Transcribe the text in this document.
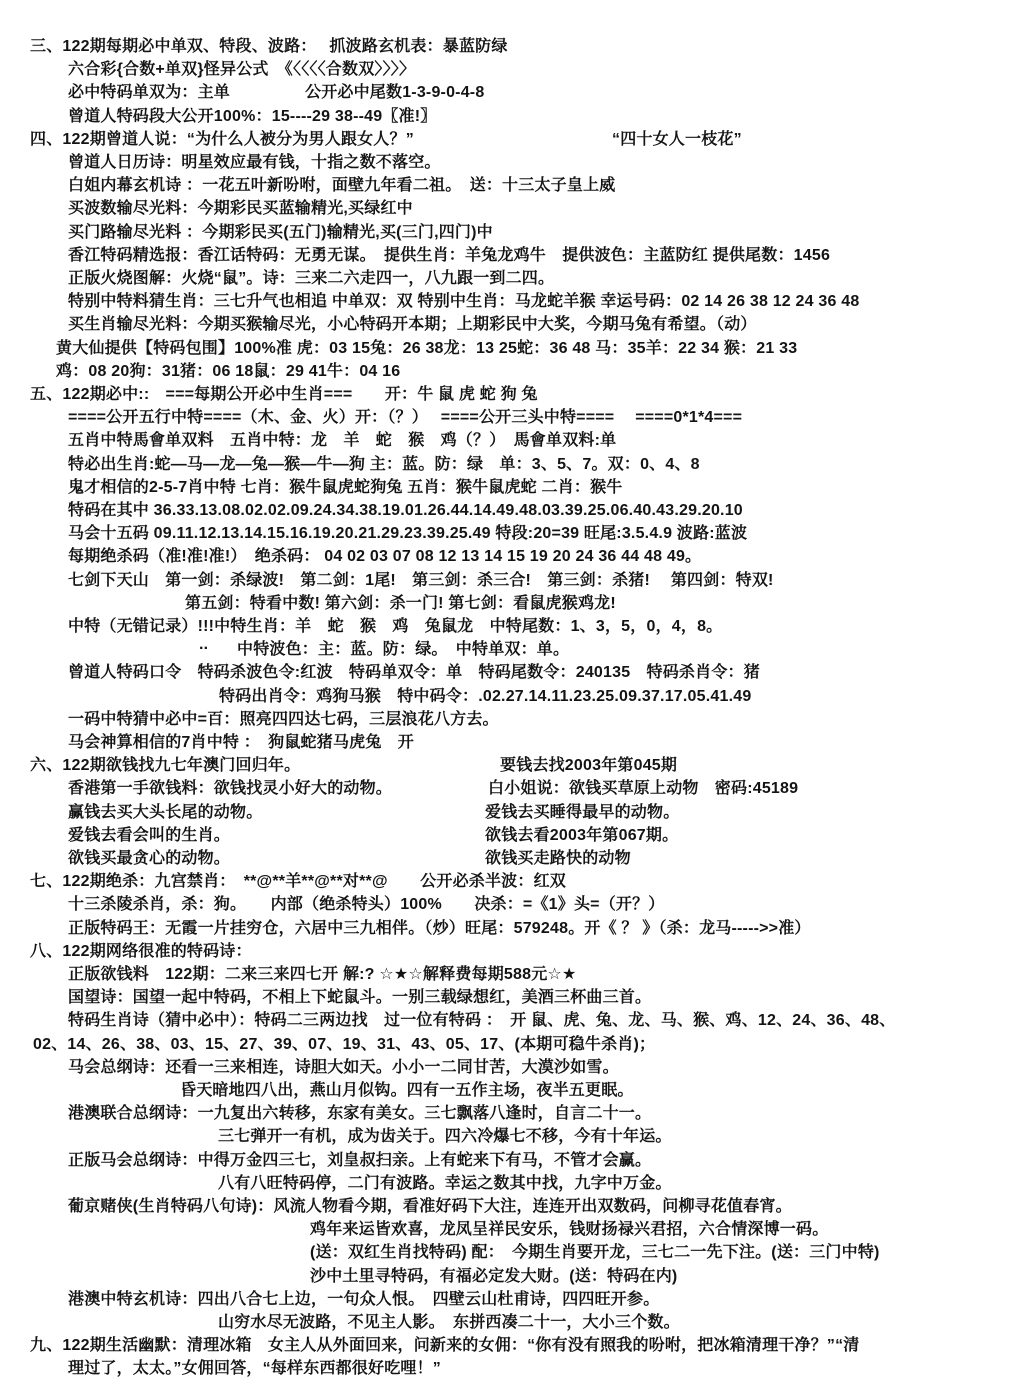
三、122期每期必中单双、特段、波路：　 抓波路玄机表：暴蓝防绿
六合彩{合数+单双}怪异公式　《〈〈〈〈合数双〉〉〉〉
必中特码单双为：主单	公开必中尾数1-3-9-0-4-8
曾道人特码段大公开100%：15----29 38--49〖准!〗
四、122期曾道人说：“为什么人被分为男人跟女人？”	“四十女人一枝花”
曾道人日历诗：明星效应最有钱，十指之数不落空。
白姐内幕玄机诗 ：一花五叶新吩咐，面壁九年看二祖。　送：十三太子皇上威
买波数输尽光料：今期彩民买蓝输精光,买绿红中
买门路输尽光料 ：今期彩民买(五门)输精光,买(三门,四门)中
香江特码精选报：香江话特码：无勇无谋。　提供生肖：羊兔龙鸡牛　提供波色：主蓝防红 提供尾数：1456
正版火烧图解：火烧“鼠”。诗：三来二六走四一，八九跟一到二四。
特别中特料猜生肖：三七升气也相追 中单双：双 特别中生肖：马龙蛇羊猴 幸运号码：02 14 26 38 12 24 36 48
买生肖输尽光料：今期买猴输尽光，小心特码开本期；上期彩民中大奖，今期马兔有希望。（动）
黄大仙提供【特码包围】100%准 虎：03 15兔：26 38龙：13 25蛇：36 48 马：35羊：22 34 猴：21 33
鸡：08 20狗：31猪：06 18鼠：29 41牛：04 16
五、122期必中::　===每期公开必中生肖===　　开：牛 鼠 虎 蛇 狗 兔
====公开五行中特====（木、金、火）开：（？）　 ====公开三头中特====　 ====0*1*4===
五肖中特馬會单双料　五肖中特：龙　羊　蛇　猴　鸡（？）　馬會单双料:单
特必出生肖:蛇—马—龙—兔—猴—牛—狗 主：蓝。防：绿　单：3、5、7。双：0、4、8
鬼才相信的2-5-7肖中特 七肖：猴牛鼠虎蛇狗兔 五肖：猴牛鼠虎蛇 二肖：猴牛
特码在其中 36.33.13.08.02.02.09.24.34.38.19.01.26.44.14.49.48.03.39.25.06.40.43.29.20.10
马会十五码 09.11.12.13.14.15.16.19.20.21.29.23.39.25.49 特段:20=39 旺尾:3.5.4.9 波路:蓝波
每期绝杀码（准!准!准!）　绝杀码： 04 02 03 07 08 12 13 14 15 19 20 24 36 44 48 49。
七剑下天山　第一剑：杀绿波!　第二剑：1尾!　第三剑：杀三合!　第三剑：杀猪!　 第四剑：特双!
第五剑：特看中数! 第六剑：杀一门! 第七剑：看鼠虎猴鸡龙!
中特（无错记录）!!!中特生肖：羊　蛇　猴　鸡　兔鼠龙　中特尾数：1、3，5，0，4，8。
.. 中特波色：主：蓝。防：绿。　中特单双：单。
曾道人特码口令　特码杀波色令:红波　特码单双令：单　特码尾数令：240135　特码杀肖令：猪
特码出肖令：鸡狗马猴　特中码令：.02.27.14.11.23.25.09.37.17.05.41.49
一码中特猜中必中=百：照亮四四达七码，三层浪花八方去。
马会神算相信的7肖中特 ：　狗鼠蛇猪马虎兔　开
六、122期欲钱找九七年澳门回归年。	要钱去找2003年第045期
香港第一手欲钱料：欲钱找灵小好大的动物。	白小姐说：欲钱买草原上动物　密码:45189
赢钱去买大头长尾的动物。	爱钱去买睡得最早的动物。
爱钱去看会叫的生肖。	欲钱去看2003年第067期。
欲钱买最贪心的动物。	欲钱买走路快的动物
七、122期绝杀：九宫禁肖：　**@**羊**@**对**@　　公开必杀半波：红双
十三杀陵杀肖，杀：狗。　　内部（绝杀特头）100%　　决杀：=《1》头=（开？）
正版特码王：无霞一片挂穷仓，六居中三九相伴。（炒）旺尾：579248。开《 ？ 》（杀：龙马----->>准）
八、122期网络很准的特码诗：
正版欲钱料　122期：二来三来四七开 解:? ☆★☆解释费每期588元☆★
国望诗：国望一起中特码，不相上下蛇鼠斗。一别三载绿想红，美酒三杯曲三首。
特码生肖诗（猜中必中）：特码二三两边找　过一位有特码 ：　开 鼠、虎、兔、龙、马、猴、鸡、12、24、36、48、
02、14、26、38、03、15、27、39、07、19、31、43、05、17、(本期可稳牛杀肖)；
马会总纲诗：还看一三来相连，诗胆大如天。小小一二同甘苦，大漠沙如雪。
昏天暗地四八出，燕山月似钩。四有一五作主场，夜半五更眠。
港澳联合总纲诗：一九复出六转移，东家有美女。三七飘落八逢时，自言二十一。
三七弹开一有机，成为齿关于。四六冷爆七不移，今有十年运。
正版马会总纲诗：中得万金四三七，刘皇叔扫亲。上有蛇来下有马，不管才会赢。
八有八旺特码停，二门有波路。幸运之数其中找，九字中万金。
葡京赌侠(生肖特码八句诗)：风流人物看今期，看准好码下大注，连连开出双数码，问柳寻花值春宵。
鸡年来运皆欢喜，龙凤呈祥民安乐，钱财扬禄兴君招，六合情深博一码。
(送：双红生肖找特码) 配：　今期生肖要开龙，三七二一先下注。(送：三门中特)
沙中土里寻特码，有福必定发大财。(送：特码在内)
港澳中特玄机诗：四出八合七上边，一句众人恨。　四壁云山杜甫诗，四四旺开参。
山穷水尽无波路，不见主人影。　东拼西凑二十一，大小三个数。
九、122期生活幽默：清理冰箱　女主人从外面回来，问新来的女佣：“你有没有照我的吩咐，把冰箱清理干净？”“清
理过了，太太。”女佣回答，“每样东西都很好吃哩！”
